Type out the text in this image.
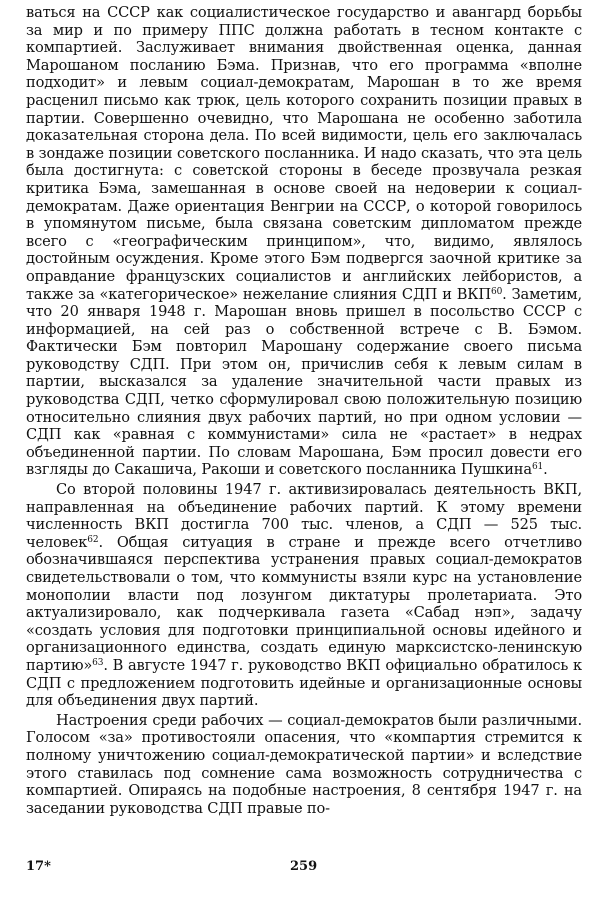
ваться на СССР как социалистическое государство и авангард борьбы за мир и по примеру ППС должна работать в тесном контакте с компартией. Заслуживает внимания двойственная оценка, данная Марошаном посланию Бэма. Признав, что его программа «вполне подходит» и левым социал-демократам, Марошан в то же время расценил письмо как трюк, цель которого сохранить позиции правых в партии. Совершенно очевидно, что Марошана не особенно заботила доказательная сторона дела. По всей видимости, цель его заключалась в зондаже позиции советского посланника. И надо сказать, что эта цель была достигнута: с советской стороны в беседе прозвучала резкая критика Бэма, замешанная в основе своей на недоверии к социал-демократам. Даже ориентация Венгрии на СССР, о которой говорилось в упомянутом письме, была связана советским дипломатом прежде всего с «географическим принципом», что, видимо, являлось достойным осуждения. Кроме этого Бэм подвергся заочной критике за оправдание французских социалистов и английских лейбористов, а также за «категорическое» нежелание слияния СДП и ВКП$^{60}$. Заметим, что 20 января 1948 г. Марошан вновь пришел в посольство СССР с информацией, на сей раз о собственной встрече с В. Бэмом. Фактически Бэм повторил Марошану содержание своего письма руководству СДП. При этом он, причислив себя к левым силам в партии, высказался за удаление значительной части правых из руководства СДП, четко сформулировал свою положительную позицию относительно слияния двух рабочих партий, но при одном условии — СДП как «равная с коммунистами» сила не «растает» в недрах объединенной партии. По словам Марошана, Бэм просил довести его взгляды до Сакашича, Ракоши и советского посланника Пушкина$^{61}$.

Со второй половины 1947 г. активизировалась деятельность ВКП, направленная на объединение рабочих партий. К этому времени численность ВКП достигла 700 тыс. членов, а СДП — 525 тыс. человек$^{62}$. Общая ситуация в стране и прежде всего отчетливо обозначившаяся перспектива устранения правых социал-демократов свидетельствовали о том, что коммунисты взяли курс на установление монополии власти под лозунгом диктатуры пролетариата. Это актуализировало, как подчеркивала газета «Сабад нэп», задачу «создать условия для подготовки принципиальной основы идейного и организационного единства, создать единую марксистско-ленинскую партию»$^{63}$. В августе 1947 г. руководство ВКП официально обратилось к СДП с предложением подготовить идейные и организационные основы для объединения двух партий.

Настроения среди рабочих — социал-демократов были различными. Голосом «за» противостояли опасения, что «компартия стремится к полному уничтожению социал-демократической партии» и вследствие этого ставилась под сомнение сама возможность сотрудничества с компартией. Опираясь на подобные настроения, 8 сентября 1947 г. на заседании руководства СДП правые по-

17*	259
